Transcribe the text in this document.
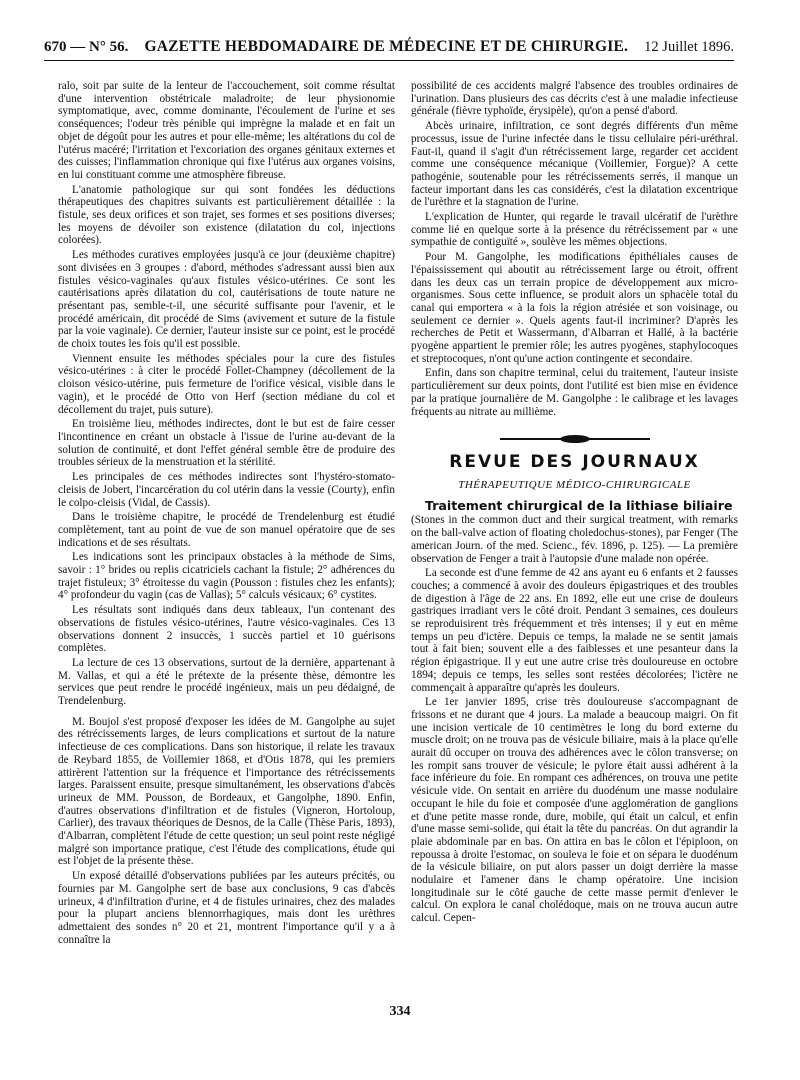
670 — N° 56. GAZETTE HEBDOMADAIRE DE MÉDECINE ET DE CHIRURGIE. 12 Juillet 1896.

ralo, soit par suite de la lenteur de l'accouchement, soit comme résultat d'une intervention obstétricale maladroite; de leur physionomie symptomatique, avec, comme dominante, l'écoulement de l'urine et ses conséquences; l'odeur très pénible qui imprègne la malade et en fait un objet de dégoût pour les autres et pour elle-même; les altérations du col de l'utérus macéré; l'irritation et l'excoriation des organes génitaux externes et des cuisses; l'inflammation chronique qui fixe l'utérus aux organes voisins, en lui constituant comme une atmosphère fibreuse.

L'anatomie pathologique sur qui sont fondées les déductions thérapeutiques des chapitres suivants est particulièrement détaillée : la fistule, ses deux orifices et son trajet, ses formes et ses positions diverses; les moyens de dévoiler son existence (dilatation du col, injections colorées).

Les méthodes curatives employées jusqu'à ce jour (deuxième chapitre) sont divisées en 3 groupes : d'abord, méthodes s'adressant aussi bien aux fistules vésico-vaginales qu'aux fistules vésico-utérines. Ce sont les cautérisations après dilatation du col, cautérisations de toute nature ne présentant pas, semble-t-il, une sécurité suffisante pour l'avenir, et le procédé américain, dit procédé de Sims (avivement et suture de la fistule par la voie vaginale). Ce dernier, l'auteur insiste sur ce point, est le procédé de choix toutes les fois qu'il est possible.

Viennent ensuite les méthodes spéciales pour la cure des fistules vésico-utérines : à citer le procédé Follet-Champney (décollement de la cloison vésico-utérine, puis fermeture de l'orifice vésical, visible dans le vagin), et le procédé de Otto von Herf (section médiane du col et décollement du trajet, puis suture).

En troisième lieu, méthodes indirectes, dont le but est de faire cesser l'incontinence en créant un obstacle à l'issue de l'urine au-devant de la solution de continuité, et dont l'effet général semble être de produire des troubles sérieux de la menstruation et la stérilité.

Les principales de ces méthodes indirectes sont l'hystéro-stomato-cleisis de Jobert, l'incarcération du col utérin dans la vessie (Courty), enfin le colpo-cleisis (Vidal, de Cassis).

Dans le troisième chapitre, le procédé de Trendelenburg est étudié complètement, tant au point de vue de son manuel opératoire que de ses indications et de ses résultats.

Les indications sont les principaux obstacles à la méthode de Sims, savoir : 1° brides ou replis cicatriciels cachant la fistule; 2° adhérences du trajet fistuleux; 3° étroitesse du vagin (Pousson : fistules chez les enfants); 4° profondeur du vagin (cas de Vallas); 5° calculs vésicaux; 6° cystites.

Les résultats sont indiqués dans deux tableaux, l'un contenant des observations de fistules vésico-utérines, l'autre vésico-vaginales. Ces 13 observations donnent 2 insuccès, 1 succès partiel et 10 guérisons complètes.

La lecture de ces 13 observations, surtout de la dernière, appartenant à M. Vallas, et qui a été le prétexte de la présente thèse, démontre les services que peut rendre le procédé ingénieux, mais un peu dédaigné, de Trendelenburg.

M. Boujol s'est proposé d'exposer les idées de M. Gangolphe au sujet des rétrécissements larges, de leurs complications et surtout de la nature infectieuse de ces complications. Dans son historique, il relate les travaux de Reybard 1855, de Voillemier 1868, et d'Otis 1878, qui les premiers attirèrent l'attention sur la fréquence et l'importance des rétrécissements larges. Paraissent ensuite, presque simultanément, les observations d'abcès urineux de MM. Pousson, de Bordeaux, et Gangolphe, 1890. Enfin, d'autres observations d'infiltration et de fistules (Vigneron, Hortoloup, Carlier), des travaux théoriques de Desnos, de la Calle (Thèse Paris, 1893), d'Albarran, complètent l'étude de cette question; un seul point reste négligé malgré son importance pratique, c'est l'étude des complications, étude qui est l'objet de la présente thèse.

Un exposé détaillé d'observations publiées par les auteurs précités, ou fournies par M. Gangolphe sert de base aux conclusions, 9 cas d'abcès urineux, 4 d'infiltration d'urine, et 4 de fistules urinaires, chez des malades pour la plupart anciens blennorrhagiques, mais dont les urèthres admettaient des sondes n° 20 et 21, montrent l'importance qu'il y a à connaître la

possibilité de ces accidents malgré l'absence des troubles ordinaires de l'urination. Dans plusieurs des cas décrits c'est à une maladie infectieuse générale (fièvre typhoïde, érysipèle), qu'on a pensé d'abord.

Abcès urinaire, infiltration, ce sont degrés différents d'un même processus, issue de l'urine infectée dans le tissu cellulaire péri-uréthral. Faut-il, quand il s'agit d'un rétrécissement large, regarder cet accident comme une conséquence mécanique (Voillemier, Forgue)? A cette pathogénie, soutenable pour les rétrécissements serrés, il manque un facteur important dans les cas considérés, c'est la dilatation excentrique de l'urèthre et la stagnation de l'urine.

L'explication de Hunter, qui regarde le travail ulcératif de l'urèthre comme lié en quelque sorte à la présence du rétrécissement par « une sympathie de contiguïté », soulève les mêmes objections.

Pour M. Gangolphe, les modifications épithéliales causes de l'épaississement qui aboutit au rétrécissement large ou étroit, offrent dans les deux cas un terrain propice de développement aux micro-organismes. Sous cette influence, se produit alors un sphacèle total du canal qui emportera « à la fois la région atrésiée et son voisinage, ou seulement ce dernier ». Quels agents faut-il incriminer? D'après les recherches de Petit et Wassermann, d'Albarran et Hallé, à la bactérie pyogène appartient le premier rôle; les autres pyogènes, staphylocoques et streptocoques, n'ont qu'une action contingente et secondaire.

Enfin, dans son chapitre terminal, celui du traitement, l'auteur insiste particulièrement sur deux points, dont l'utilité est bien mise en évidence par la pratique journalière de M. Gangolphe : le calibrage et les lavages fréquents au nitrate au millième.

REVUE DES JOURNAUX
THÉRAPEUTIQUE MÉDICO-CHIRURGICALE

Traitement chirurgical de la lithiase biliaire

(Stones in the common duct and their surgical treatment, with remarks on the ball-valve action of floating choledochus-stones), par Fenger (The american Journ. of the med. Scienc., fév. 1896, p. 125). — La première observation de Fenger a trait à l'autopsie d'une malade non opérée.

La seconde est d'une femme de 42 ans ayant eu 6 enfants et 2 fausses couches; a commencé à avoir des douleurs épigastriques et des troubles de digestion à l'âge de 22 ans. En 1892, elle eut une crise de douleurs gastriques irradiant vers le côté droit. Pendant 3 semaines, ces douleurs se reproduisirent très fréquemment et très intenses; il y eut en même temps un peu d'ictère. Depuis ce temps, la malade ne se sentit jamais tout à fait bien; souvent elle a des faiblesses et une pesanteur dans la région épigastrique. Il y eut une autre crise très douloureuse en octobre 1894; depuis ce temps, les selles sont restées décolorées; l'ictère ne commençait à apparaître qu'après les douleurs.

Le 1er janvier 1895, crise très douloureuse s'accompagnant de frissons et ne durant que 4 jours. La malade a beaucoup maigri. On fit une incision verticale de 10 centimètres le long du bord externe du muscle droit; on ne trouva pas de vésicule biliaire, mais à la place qu'elle aurait dû occuper on trouva des adhérences avec le côlon transverse; on les rompit sans trouver de vésicule; le pylore était aussi adhérent à la face inférieure du foie. En rompant ces adhérences, on trouva une petite vésicule vide. On sentait en arrière du duodénum une masse nodulaire occupant le hile du foie et composée d'une agglomération de ganglions et d'une petite masse ronde, dure, mobile, qui était un calcul, et enfin d'une masse semi-solide, qui était la tête du pancréas. On dut agrandir la plaie abdominale par en bas. On attira en bas le côlon et l'épiploon, on repoussa à droite l'estomac, on souleva le foie et on sépara le duodénum de la vésicule biliaire, on put alors passer un doigt derrière la masse nodulaire et l'amener dans le champ opératoire. Une incision longitudinale sur le côté gauche de cette masse permit d'enlever le calcul. On explora le canal cholédoque, mais on ne trouva aucun autre calcul. Cepen-

334
